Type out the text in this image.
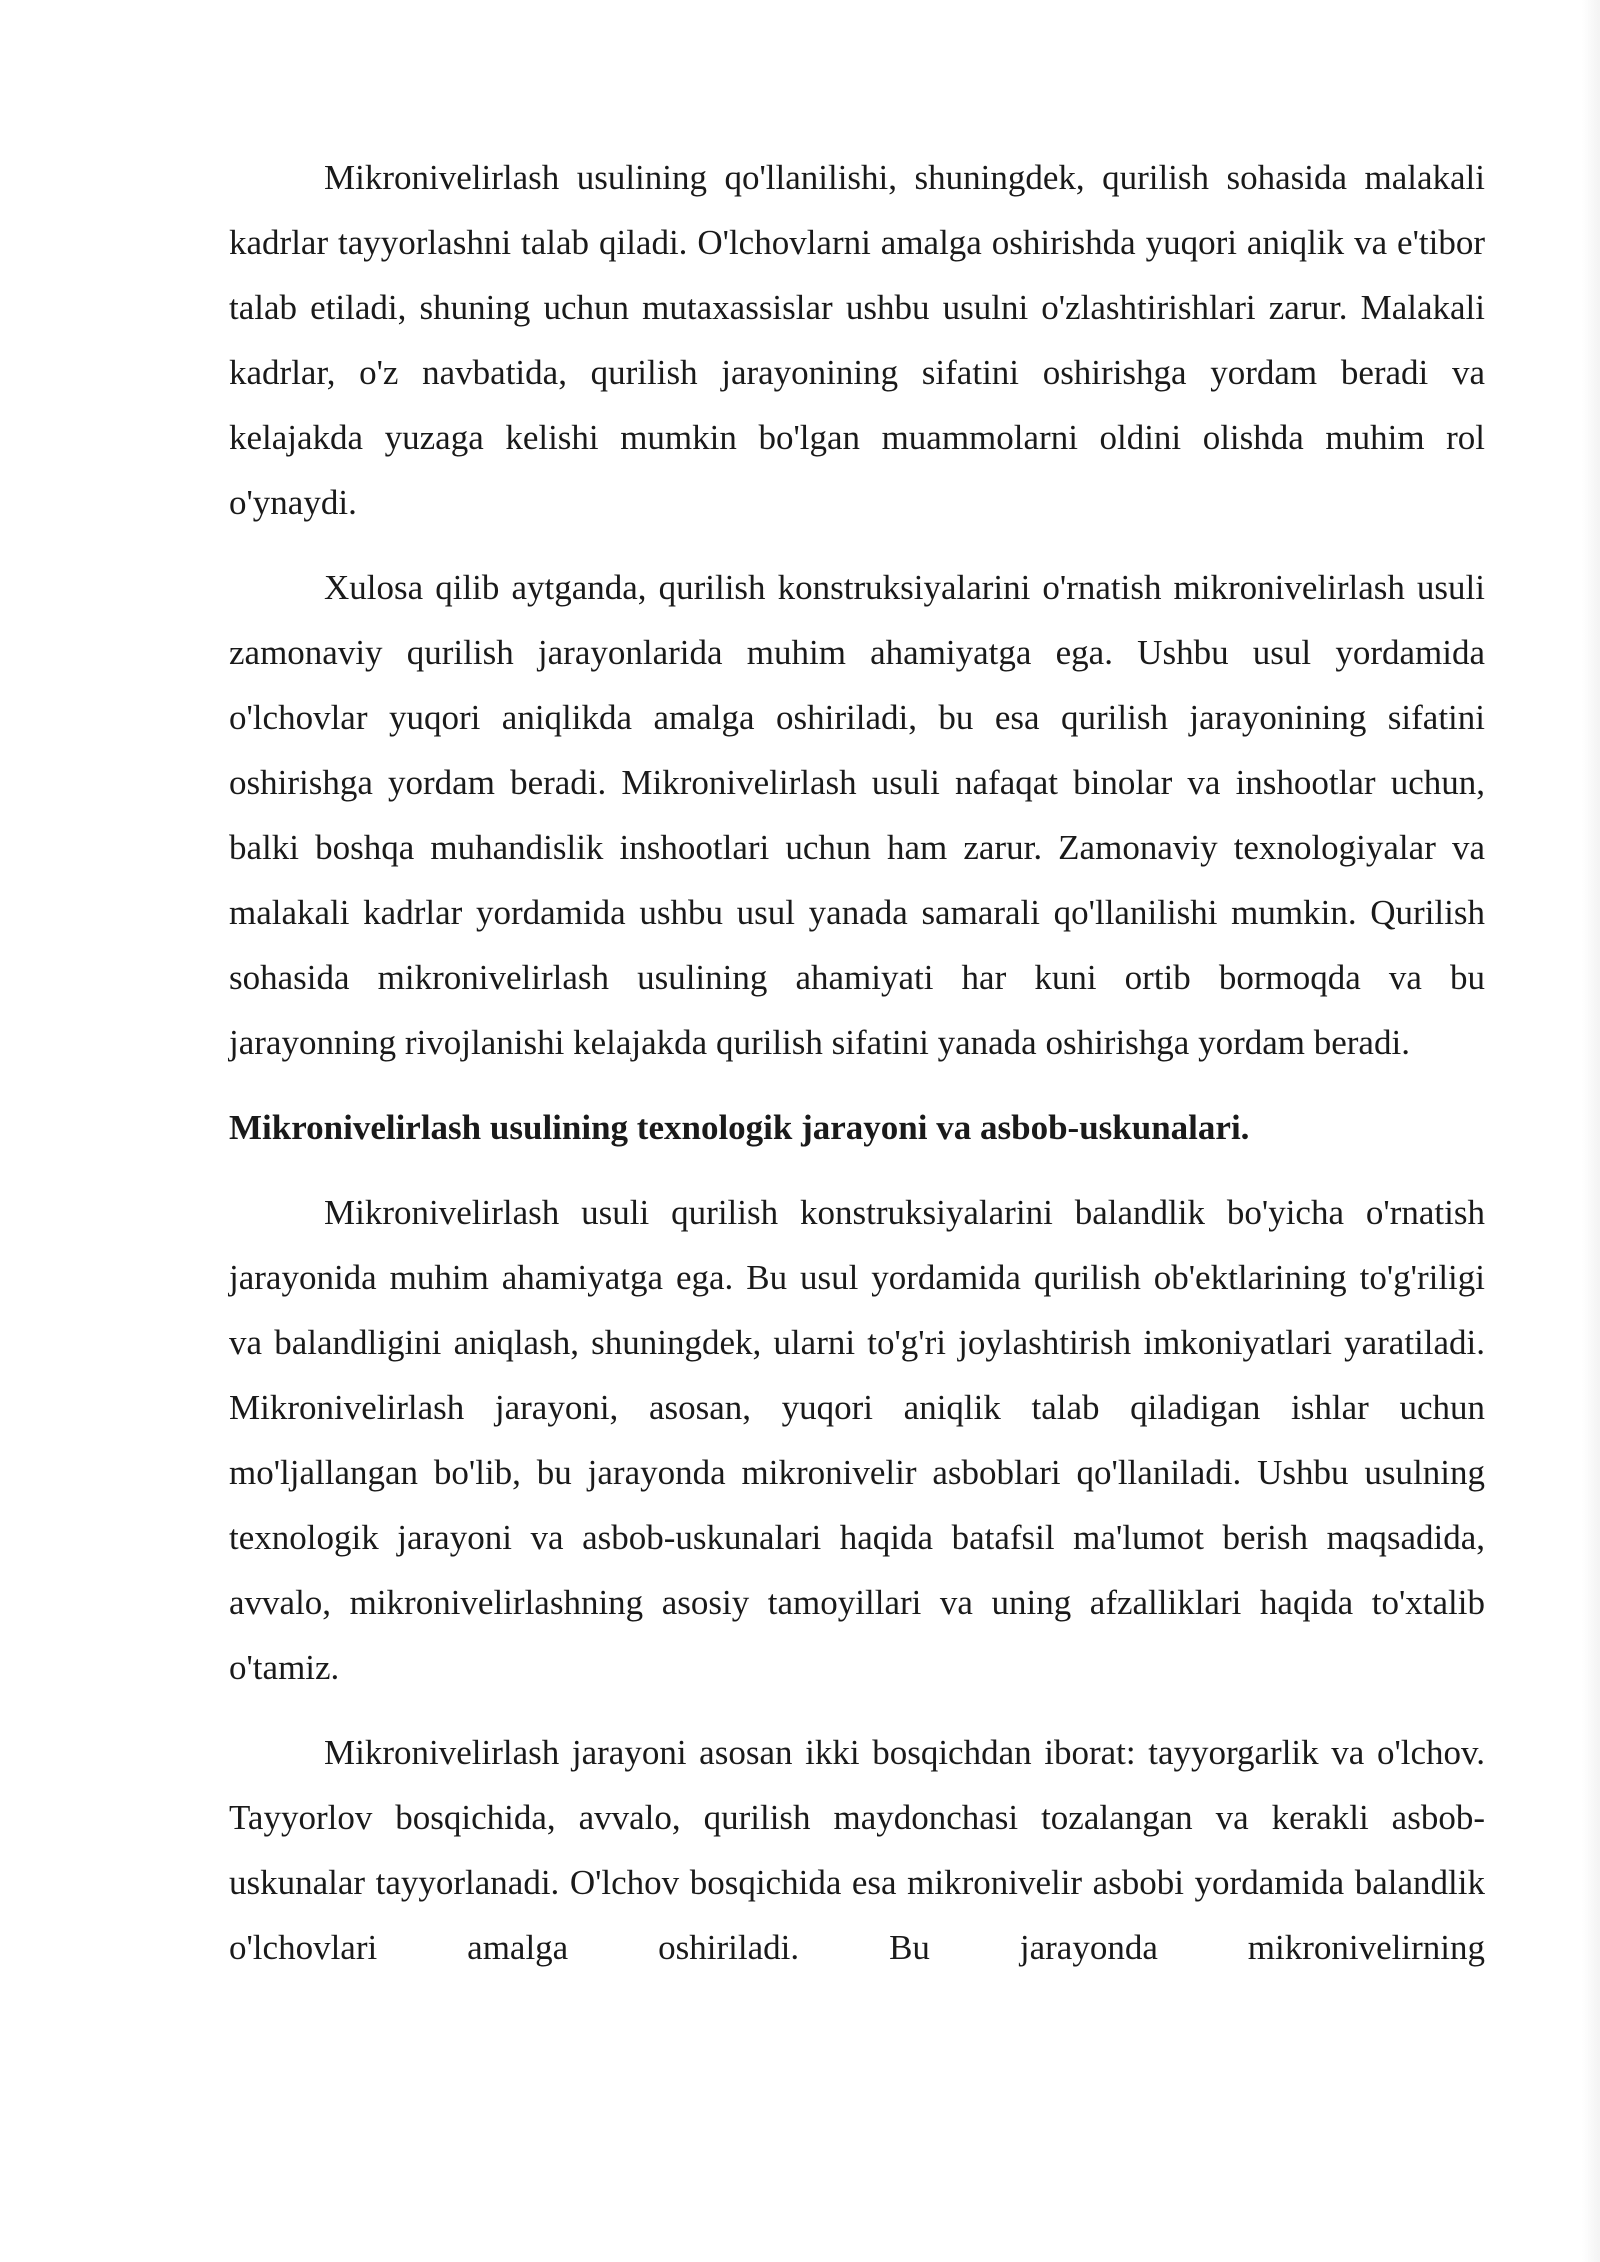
Mikronivelirlash usulining qo'llanilishi, shuningdek, qurilish sohasida malakali kadrlar tayyorlashni talab qiladi. O'lchovlarni amalga oshirishda yuqori aniqlik va e'tibor talab etiladi, shuning uchun mutaxassislar ushbu usulni o'zlashtirishlari zarur. Malakali kadrlar, o'z navbatida, qurilish jarayonining sifatini oshirishga yordam beradi va kelajakda yuzaga kelishi mumkin bo'lgan muammolarni oldini olishda muhim rol o'ynaydi.

Xulosa qilib aytganda, qurilish konstruksiyalarini o'rnatish mikronivelirlash usuli zamonaviy qurilish jarayonlarida muhim ahamiyatga ega. Ushbu usul yordamida o'lchovlar yuqori aniqlikda amalga oshiriladi, bu esa qurilish jarayonining sifatini oshirishga yordam beradi. Mikronivelirlash usuli nafaqat binolar va inshootlar uchun, balki boshqa muhandislik inshootlari uchun ham zarur. Zamonaviy texnologiyalar va malakali kadrlar yordamida ushbu usul yanada samarali qo'llanilishi mumkin. Qurilish sohasida mikronivelirlash usulining ahamiyati har kuni ortib bormoqda va bu jarayonning rivojlanishi kelajakda qurilish sifatini yanada oshirishga yordam beradi.

Mikronivelirlash usulining texnologik jarayoni va asbob-uskunalari.

Mikronivelirlash usuli qurilish konstruksiyalarini balandlik bo'yicha o'rnatish jarayonida muhim ahamiyatga ega. Bu usul yordamida qurilish ob'ektlarining to'g'riligi va balandligini aniqlash, shuningdek, ularni to'g'ri joylashtirish imkoniyatlari yaratiladi. Mikronivelirlash jarayoni, asosan, yuqori aniqlik talab qiladigan ishlar uchun mo'ljallangan bo'lib, bu jarayonda mikronivelir asboblari qo'llaniladi. Ushbu usulning texnologik jarayoni va asbob-uskunalari haqida batafsil ma'lumot berish maqsadida, avvalo, mikronivelirlashning asosiy tamoyillari va uning afzalliklari haqida to'xtalib o'tamiz.

Mikronivelirlash jarayoni asosan ikki bosqichdan iborat: tayyorgarlik va o'lchov. Tayyorlov bosqichida, avvalo, qurilish maydonchasi tozalangan va kerakli asbob-uskunalar tayyorlanadi. O'lchov bosqichida esa mikronivelir asbobi yordamida balandlik o'lchovlari amalga oshiriladi. Bu jarayonda mikronivelirning
